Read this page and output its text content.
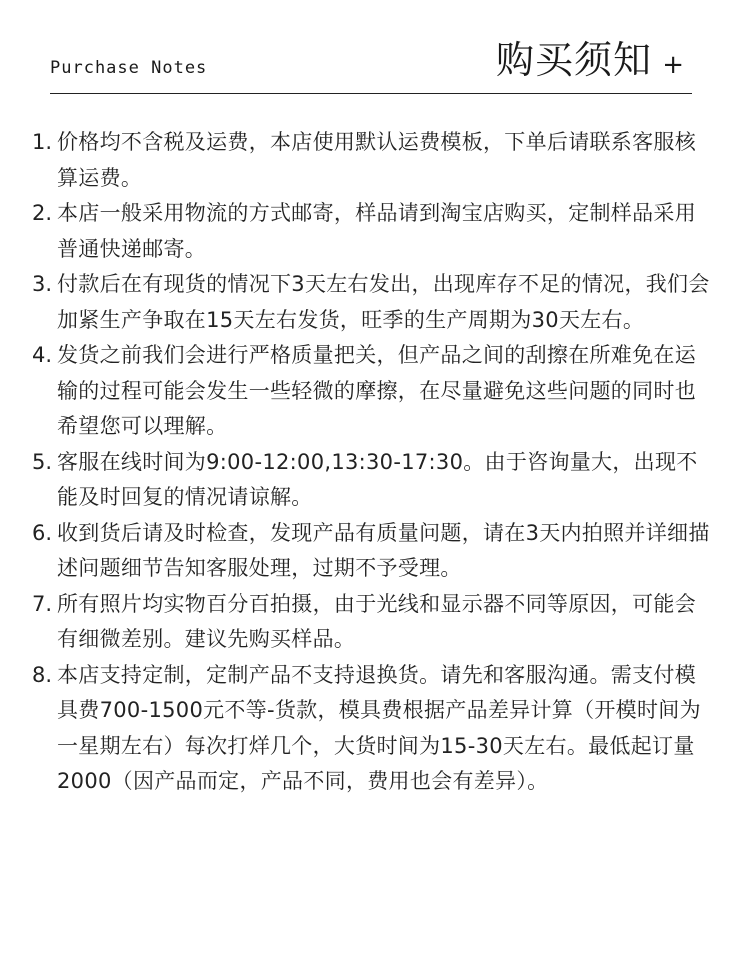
Purchase Notes	购买须知 +
1. 价格均不含税及运费，本店使用默认运费模板，下单后请联系客服核算运费。
2. 本店一般采用物流的方式邮寄，样品请到淘宝店购买，定制样品采用普通快递邮寄。
3. 付款后在有现货的情况下3天左右发出，出现库存不足的情况，我们会加紧生产争取在15天左右发货，旺季的生产周期为30天左右。
4. 发货之前我们会进行严格质量把关，但产品之间的刮擦在所难免在运输的过程可能会发生一些轻微的摩擦，在尽量避免这些问题的同时也希望您可以理解。
5. 客服在线时间为9:00-12:00,13:30-17:30。由于咨询量大，出现不能及时回复的情况请谅解。
6. 收到货后请及时检查，发现产品有质量问题，请在3天内拍照并详细描述问题细节告知客服处理，过期不予受理。
7. 所有照片均实物百分百拍摄，由于光线和显示器不同等原因，可能会有细微差别。建议先购买样品。
8. 本店支持定制，定制产品不支持退换货。请先和客服沟通。需支付模具费700-1500元不等-货款，模具费根据产品差异计算（开模时间为一星期左右）每次打烊几个，大货时间为15-30天左右。最低起订量2000（因产品而定，产品不同，费用也会有差异）。
